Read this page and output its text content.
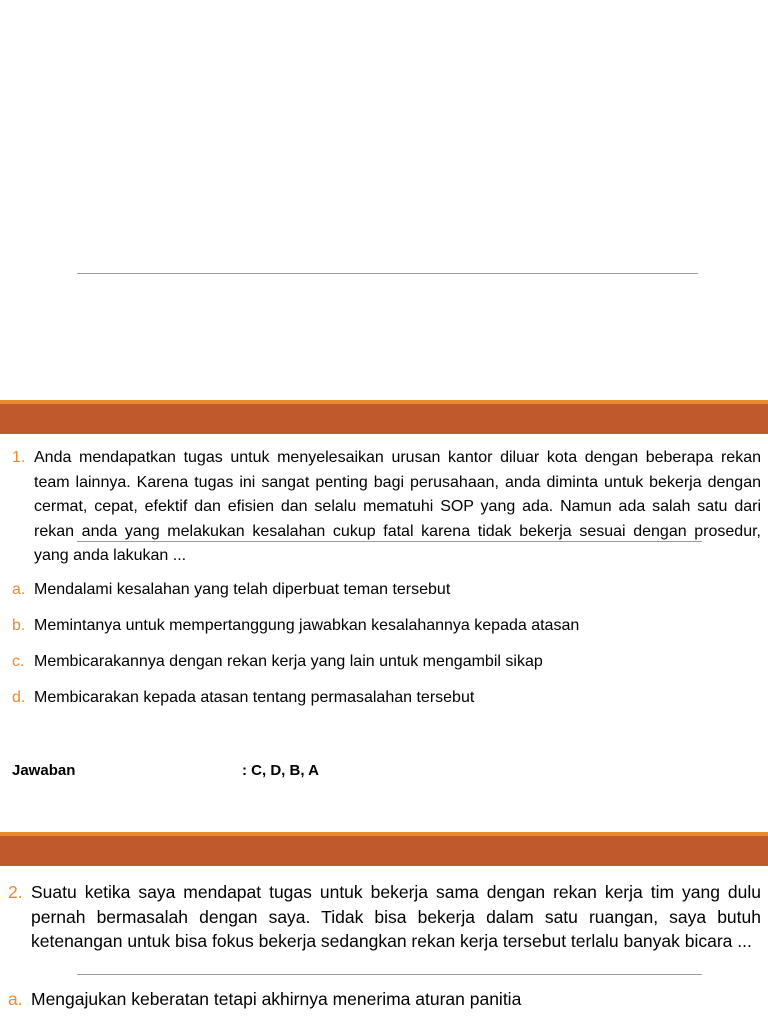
1. Anda mendapatkan tugas untuk menyelesaikan urusan kantor diluar kota dengan beberapa rekan team lainnya. Karena tugas ini sangat penting bagi perusahaan, anda diminta untuk bekerja dengan cermat, cepat, efektif dan efisien dan selalu mematuhi SOP yang ada. Namun ada salah satu dari rekan anda yang melakukan kesalahan cukup fatal karena tidak bekerja sesuai dengan prosedur, yang anda lakukan ...
a. Mendalami kesalahan yang telah diperbuat teman tersebut
b. Memintanya untuk mempertanggung jawabkan kesalahannya kepada atasan
c. Membicarakannya dengan rekan kerja yang lain untuk mengambil sikap
d. Membicarakan kepada atasan tentang permasalahan tersebut
Jawaban	: C, D, B, A
2. Suatu ketika saya mendapat tugas untuk bekerja sama dengan rekan kerja tim yang dulu pernah bermasalah dengan saya. Tidak bisa bekerja dalam satu ruangan, saya butuh ketenangan untuk bisa fokus bekerja sedangkan rekan kerja tersebut terlalu banyak bicara ...
a. Mengajukan keberatan tetapi akhirnya menerima aturan panitia
